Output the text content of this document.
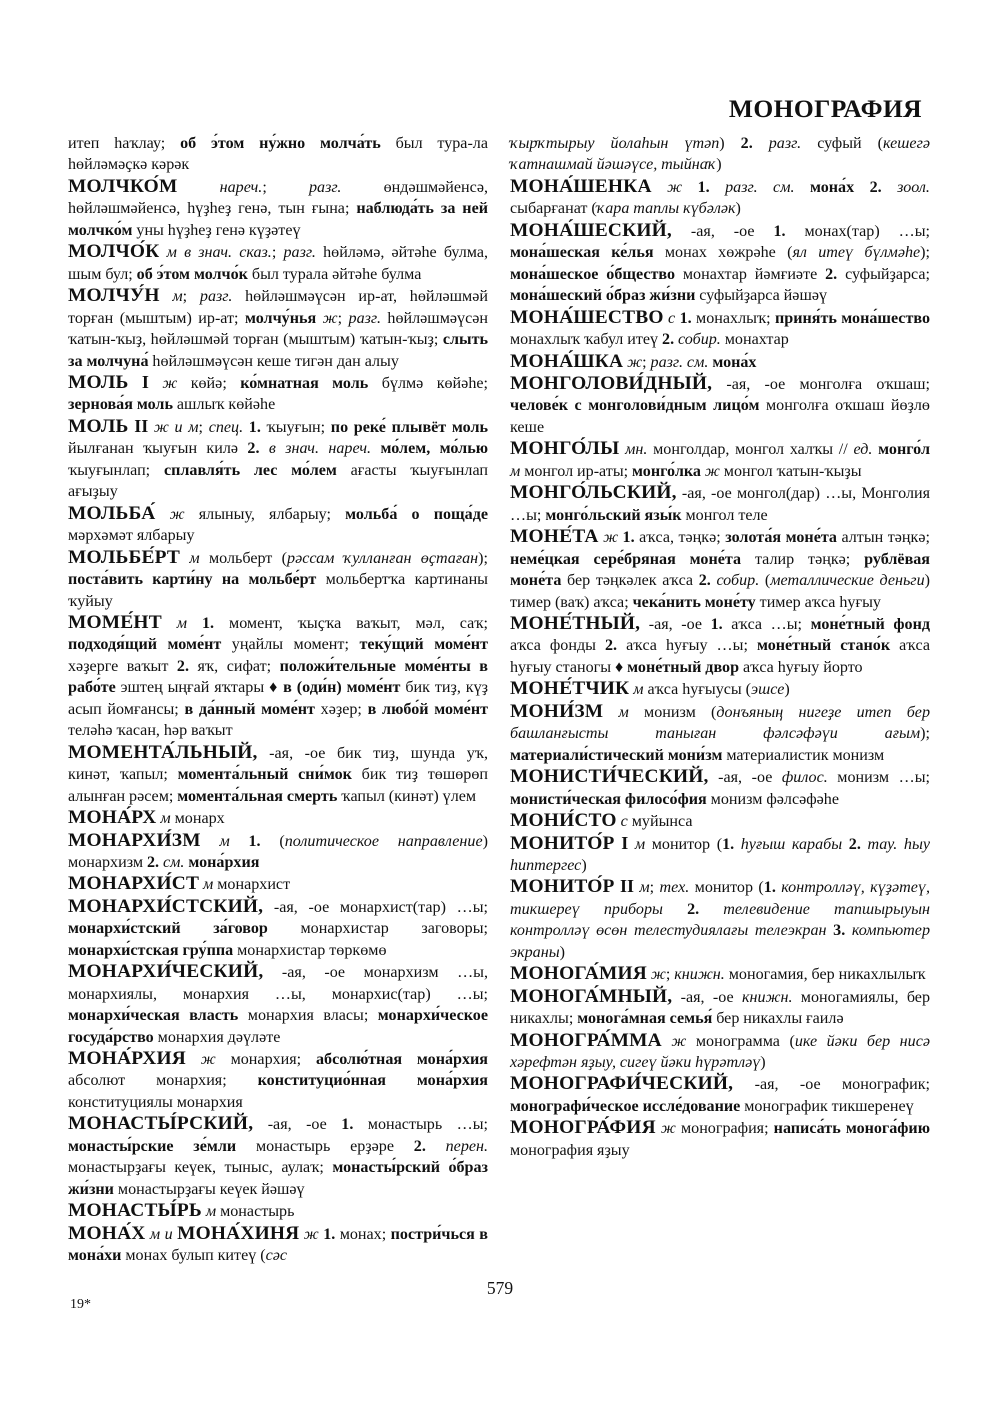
МОНОГРАФИЯ

итеп һаҡлау; об э́том ну́жно молча́ть был тура-ла һөйләмәҫкә кәрәк

МОЛЧКО́М нареч.; разг. өндәшмәйенсә, һөйләшмәйенсә, һүҙһеҙ генә, тын ғына; наблюда́ть за ней молчко́м уны һүҙһеҙ генә күҙәтеү

МОЛЧО́К м в знач. сказ.; разг. һөйләмә, әйтәһе булма, шым бул; об э́том молчо́к был турала әйтәһе булма

МОЛЧУ́Н м; разг. һөйләшмәүсән ир-ат, һөйләшмәй торған (мыштым) ир-ат; молчу́нья ж; разг. һөйләшмәүсән ҡатын-ҡыҙ, һөйләшмәй торған (мыштым) ҡатын-ҡыҙ; слыть за молчуна́ һөйләшмәүсән кеше тигән дан алыу

МОЛЬ I ж көйә; ко́мнатная моль бүлмә көйәһе; зернова́я моль ашлыҡ көйәһе

МОЛЬ II ж и м; спец. 1. ҡыуғын; по реке́ плывёт моль йылғанан ҡыуғын килә 2. в знач. нареч. мо́лем, мо́лью ҡыуғынлап; сплавля́ть лес мо́лем ағасты ҡыуғынлап ағыҙыу

МОЛЬБА́ ж ялыныу, ялбарыу; мольба́ о поща́де мәрхәмәт ялбарыу

МОЛЬБЕ́РТ м мольберт (рәссам ҡулланған өҫтаған); поста́вить карти́ну на мольбе́рт мольбертҡа картинаны ҡуйыу

МОМЕ́НТ м 1. момент, ҡыҫҡа ваҡыт, мәл, саҡ; подходя́щий моме́нт уңайлы момент; теку́щий моме́нт хәҙерге ваҡыт 2. яҡ, сифат; положи́тельные моме́нты в рабо́те эштең ыңғай яҡтары ♦ в (оди́н) моме́нт бик тиҙ, күҙ асып йомғансы; в да́нный моме́нт хәҙер; в любо́й моме́нт теләһә ҡасан, һәр ваҡыт

МОМЕНТА́ЛЬНЫЙ, -ая, -ое бик тиҙ, шунда уҡ, кинәт, ҡапыл; момента́льный сни́мок бик тиҙ төшөрөп алынған рәсем; момента́льная смерть ҡапыл (кинәт) үлем

МОНА́РХ м монарх

МОНАРХИ́ЗМ м 1. (политическое направление) монархизм 2. см. мона́рхия

МОНАРХИ́СТ м монархист

МОНАРХИ́СТСКИЙ, -ая, -ое монархист(тар) …ы; монархи́стский за́говор монархистар заговоры; монархи́стская гру́ппа монархистар төркөмө

МОНАРХИ́ЧЕСКИЙ, -ая, -ое монархизм …ы, монархиялы, монархия …ы, монархис(тар) …ы; монархи́ческая власть монархия власы; монархи́ческое госуда́рство монархия дәүләте

МОНА́РХИЯ ж монархия; абсолю́тная мона́рхия абсолют монархия; конституцио́нная мона́рхия конституциялы монархия

МОНАСТЫ́РСКИЙ, -ая, -ое 1. монастырь …ы; монасты́рские зе́мли монастырь ерҙәре 2. перен. монастырҙағы кеүек, тыныс, аулаҡ; монасты́рский о́браз жи́зни монастырҙағы кеүек йәшәү

МОНАСТЫ́РЬ м монастырь

МОНА́Х м и МОНА́ХИНЯ ж 1. монах; постри́чься в мона́хи монах булып китеү (сәс

ҡырҡтырыу йолаһын үтәп) 2. разг. суфый (кешегә ҡатнашмай йәшәүсе, тыйнаҡ)

МОНА́ШЕНКА ж 1. разг. см. мона́х 2. зоол. сыбарғанат (ҡара таплы күбәләк)

МОНА́ШЕСКИЙ, -ая, -ое 1. монах(тар) …ы; мона́шеская ке́лья монах хөжрәһе (ял итеү бүлмәһе); мона́шеское о́бщество монахтар йәмғиәте 2. суфыйҙарса; мона́шеский о́браз жи́зни суфыйҙарса йәшәү

МОНА́ШЕСТВО с 1. монахлыҡ; приня́ть мона́шество монахлыҡ ҡабул итеү 2. собир. монахтар

МОНА́ШКА ж; разг. см. мона́х

МОНГОЛОВИ́ДНЫЙ, -ая, -ое монголға оҡшаш; челове́к с монголови́дным лицо́м монголға оҡшаш йөҙлө кеше

МОНГО́ЛЫ мн. монголдар, монгол халҡы // ед. монго́л м монгол ир-аты; монго́лка ж монгол ҡатын-ҡыҙы

МОНГО́ЛЬСКИЙ, -ая, -ое монгол(дар) …ы, Монголия …ы; монго́льский язы́к монгол теле

МОНЕ́ТА ж 1. аҡса, тәңкә; золота́я моне́та алтын тәңкә; неме́цкая сере́бряная моне́та талир тәңкә; рублёвая моне́та бер тәңкәлек аҡса 2. собир. (металлические деньги) тимер (ваҡ) аҡса; чека́нить моне́ту тимер аҡса һуғыу

МОНЕ́ТНЫЙ, -ая, -ое 1. аҡса …ы; моне́тный фонд аҡса фонды 2. аҡса һуғыу …ы; моне́тный стано́к аҡса һуғыу станогы ♦ моне́тный двор аҡса һуғыу йорто

МОНЕ́ТЧИК м аҡса һуғыусы (эшсе)

МОНИ́ЗМ м монизм (донъяның нигеҙе итеп бер башланғысты таныған фәлсәфәүи ағым); материали́стический мони́зм материалистик монизм

МОНИСТИ́ЧЕСКИЙ, -ая, -ое филос. монизм …ы; монисти́ческая филосо́фия монизм фәлсәфәһе

МОНИ́СТО с муйынса

МОНИТО́Р I м монитор (1. һуғыш карабы 2. тау. һыу һиптергес)

МОНИТО́Р II м; тех. монитор (1. контролләү, күҙәтеү, тикшереү приборы 2. телевидение тапшырыуын контролләү өсөн телестудиялағы телеэкран 3. компьютер экраны)

МОНОГА́МИЯ ж; книжн. моногамия, бер никахлылыҡ

МОНОГА́МНЫЙ, -ая, -ое книжн. моногамиялы, бер никахлы; монога́мная семья́ бер никахлы ғаилә

МОНОГРА́ММА ж монограмма (ике йәки бер нисә хәрефтән яҙыу, сигеү йәки һүрәтләү)

МОНОГРАФИ́ЧЕСКИЙ, -ая, -ое монографик; монографи́ческое иссле́дование монографик тикшеренеү

МОНОГРА́ФИЯ ж монография; написа́ть монога́фию монография яҙыу

579
19*
